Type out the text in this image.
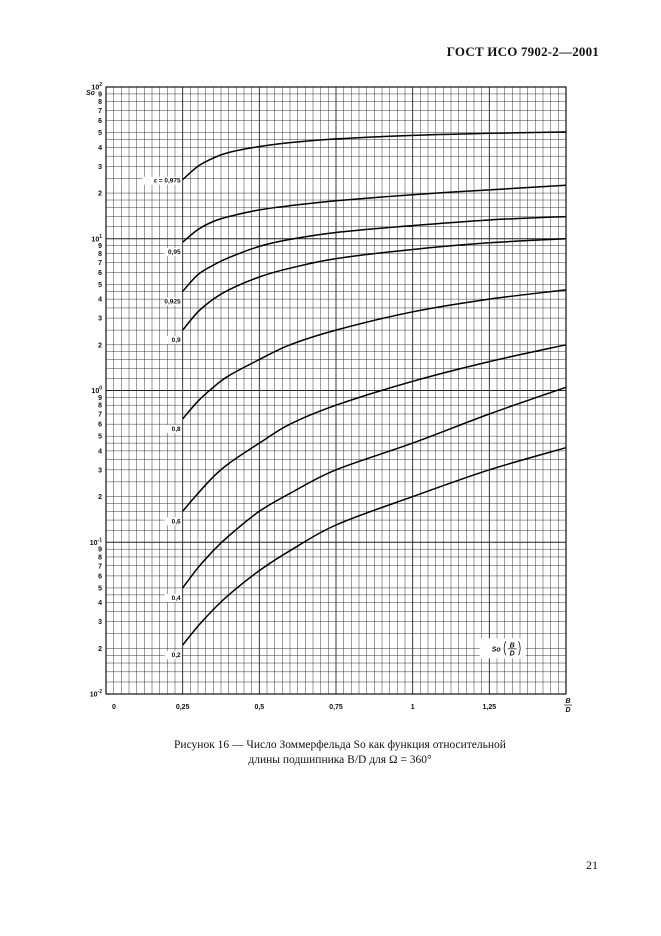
ГОСТ ИСО 7902-2—2001
$10^2$
9
8
7
6
5
4
3
2
$10^1$
9
8
7
6
5
4
3
2
$10^0$
9
8
7
6
5
4
3
2
$10^{-1}$
9
8
7
6
5
4
3
2
$10^{-2}$
0	0,25	0,5	0,75	1	1,25
ε = 0,975
0,95
0,925
0,9
0,8
0,6
0,4
0,2
So
So
B
D
B
D
Рисунок 16 — Число Зоммерфельда So как функция относительной
длины подшипника B/D для Ω = 360°
21
